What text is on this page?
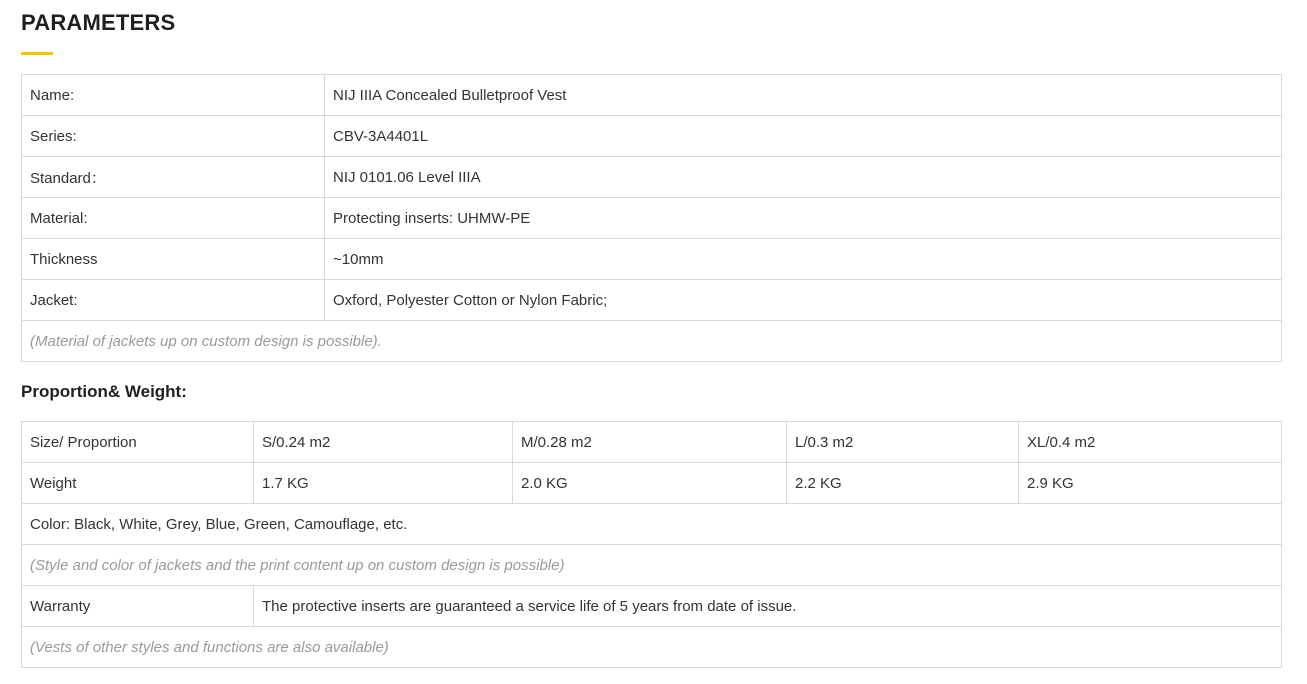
PARAMETERS
Name:	NIJ IIIA Concealed Bulletproof Vest
Series:	CBV-3A4401L
Standard：	NIJ 0101.06 Level IIIA
Material:	Protecting inserts: UHMW-PE
Thickness	~10mm
Jacket:	Oxford, Polyester Cotton or Nylon Fabric;
(Material of jackets up on custom design is possible).	
Proportion& Weight:
Size/ Proportion	S/0.24 m2	M/0.28 m2	L/0.3 m2	XL/0.4 m2
Weight	1.7 KG	2.0 KG	2.2 KG	2.9 KG
Color: Black, White, Grey, Blue, Green, Camouflage, etc.				
(Style and color of jackets and the print content up on custom design is possible)				
Warranty	The protective inserts are guaranteed a service life of 5 years from date of issue.			
(Vests of other styles and functions are also available)				
